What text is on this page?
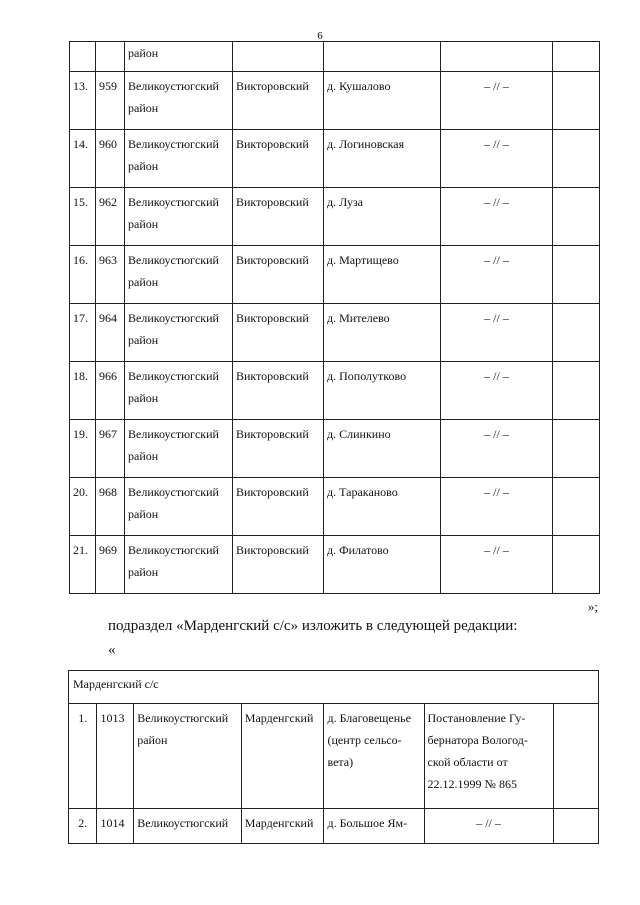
6
		район				
13.	959	Великоустюгский район	Викторовский	д. Кушалово	– // –	
14.	960	Великоустюгский район	Викторовский	д. Логиновская	– // –	
15.	962	Великоустюгский район	Викторовский	д. Луза	– // –	
16.	963	Великоустюгский район	Викторовский	д. Мартищево	– // –	
17.	964	Великоустюгский район	Викторовский	д. Мителево	– // –	
18.	966	Великоустюгский район	Викторовский	д. Пополутково	– // –	
19.	967	Великоустюгский район	Викторовский	д. Слинкино	– // –	
20.	968	Великоустюгский район	Викторовский	д. Тараканово	– // –	
21.	969	Великоустюгский район	Викторовский	д. Филатово	– // –	
»;
подраздел «Марденгский с/с» изложить в следующей редакции:
«
Марденгский с/с						
1.	1013	Великоустюгский район	Марденгский	д. Благовещенье (центр сельсо-вета)	Постановление Гу-бернатора Вологод-ской области от 22.12.1999 № 865	
2.	1014	Великоустюгский	Марденгский	д. Большое Ям-	– // –	
